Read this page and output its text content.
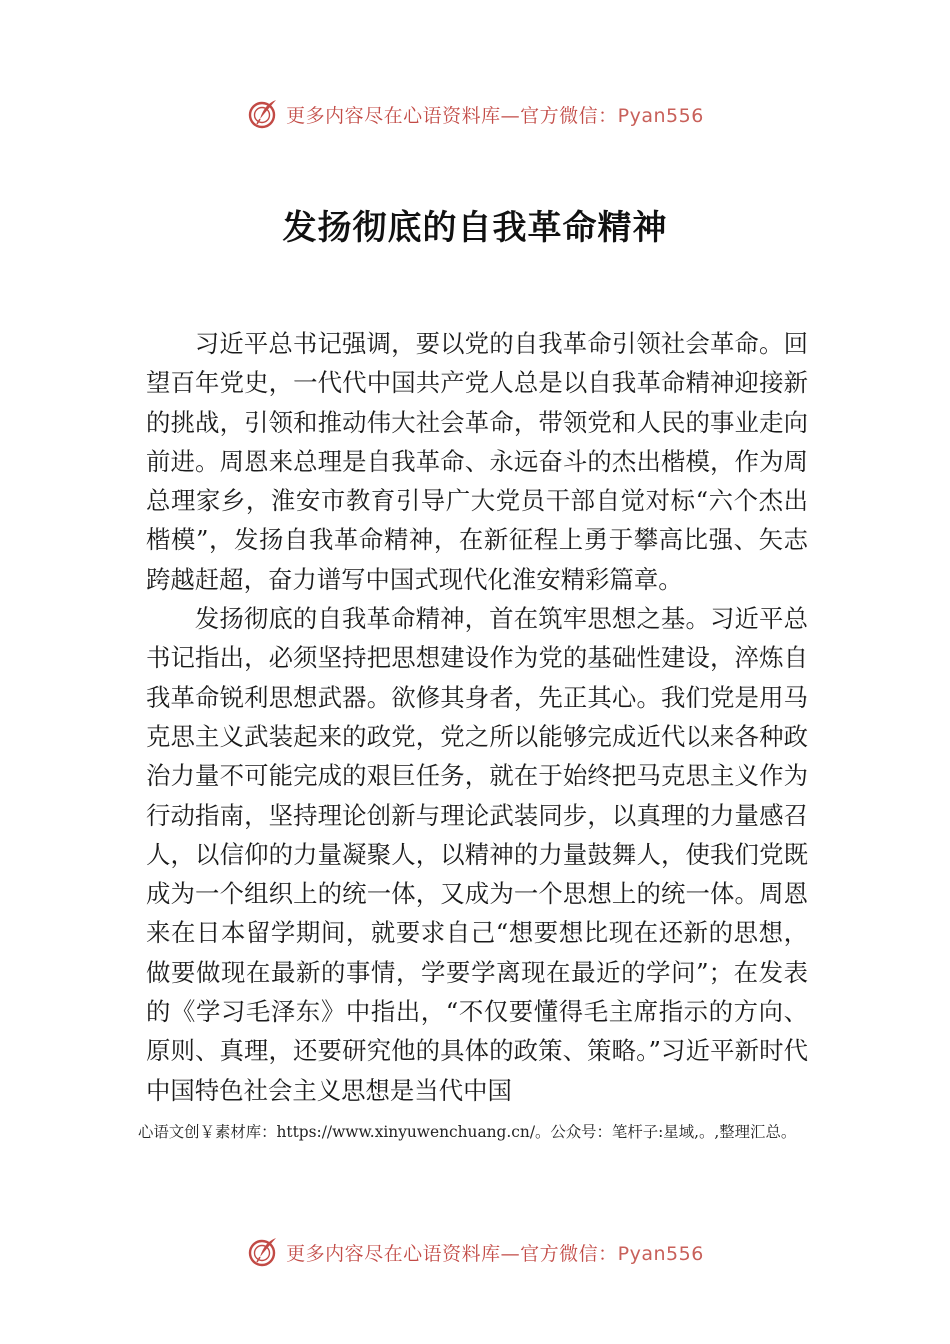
更多内容尽在心语资料库—官方微信：Pyan556
发扬彻底的自我革命精神

习近平总书记强调，要以党的自我革命引领社会革命。回望百年党史，一代代中国共产党人总是以自我革命精神迎接新的挑战，引领和推动伟大社会革命，带领党和人民的事业走向前进。周恩来总理是自我革命、永远奋斗的杰出楷模，作为周总理家乡，淮安市教育引导广大党员干部自觉对标“六个杰出楷模”，发扬自我革命精神，在新征程上勇于攀高比强、矢志跨越赶超，奋力谱写中国式现代化淮安精彩篇章。

发扬彻底的自我革命精神，首在筑牢思想之基。习近平总书记指出，必须坚持把思想建设作为党的基础性建设，淬炼自我革命锐利思想武器。欲修其身者，先正其心。我们党是用马克思主义武装起来的政党，党之所以能够完成近代以来各种政治力量不可能完成的艰巨任务，就在于始终把马克思主义作为行动指南，坚持理论创新与理论武装同步，以真理的力量感召人，以信仰的力量凝聚人，以精神的力量鼓舞人，使我们党既成为一个组织上的统一体，又成为一个思想上的统一体。周恩来在日本留学期间，就要求自己“想要想比现在还新的思想，做要做现在最新的事情，学要学离现在最近的学问”；在发表的《学习毛泽东》中指出，“不仅要懂得毛主席指示的方向、原则、真理，还要研究他的具体的政策、策略。”习近平新时代中国特色社会主义思想是当代中国

心语文创￥素材库：https://www.xinyuwenchuang.cn/。公众号：笔杆子:星域,。,整理汇总。

更多内容尽在心语资料库—官方微信：Pyan556
